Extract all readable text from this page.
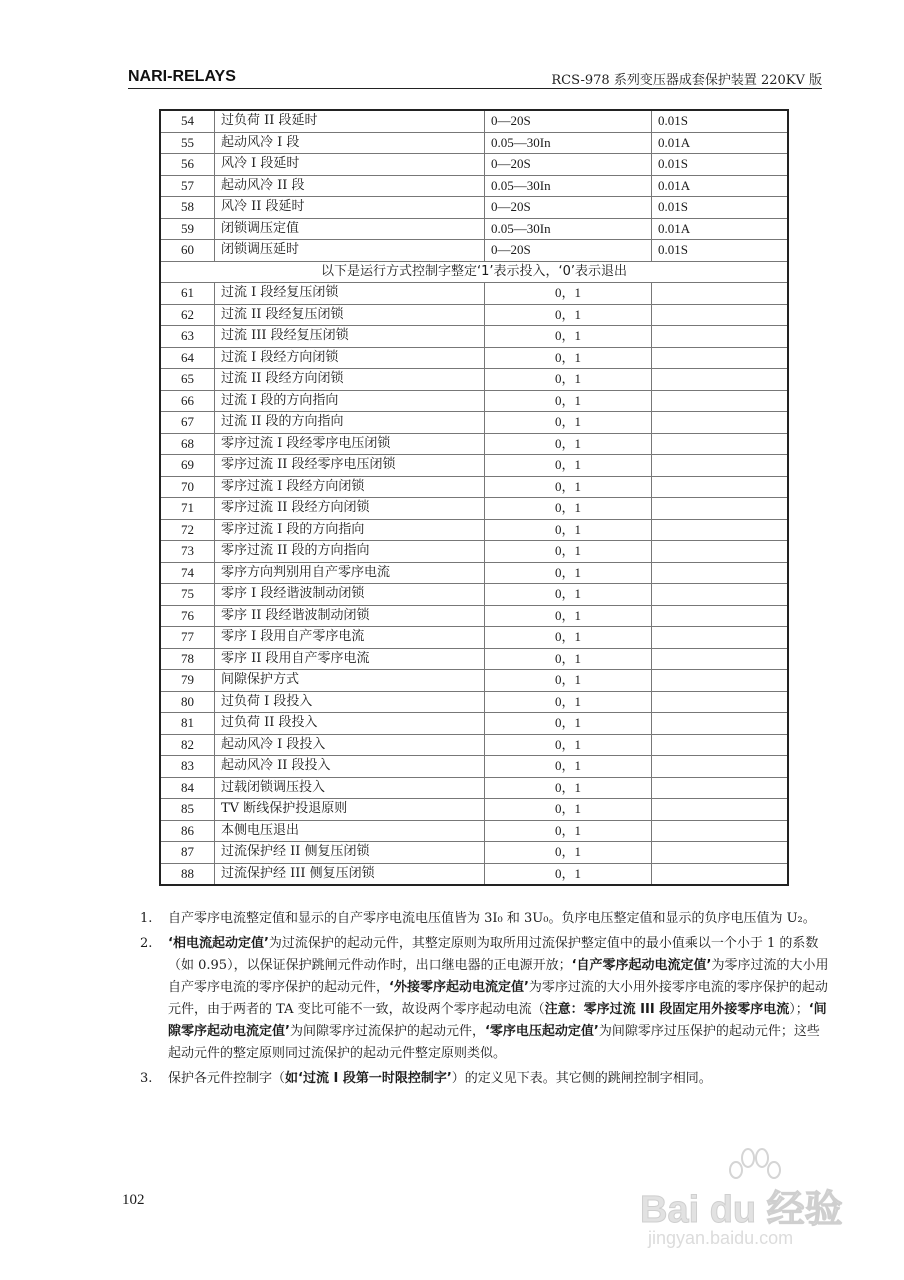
NARI-RELAYS	RCS-978 系列变压器成套保护装置 220KV 版
54	过负荷 II 段延时	0—20S	0.01S
55	起动风冷 I 段	0.05—30In	0.01A
56	风冷 I 段延时	0—20S	0.01S
57	起动风冷 II 段	0.05—30In	0.01A
58	风冷 II 段延时	0—20S	0.01S
59	闭锁调压定值	0.05—30In	0.01A
60	闭锁调压延时	0—20S	0.01S
以下是运行方式控制字整定‘1’表示投入，‘0’表示退出			
61	过流 I 段经复压闭锁	0，1	
62	过流 II 段经复压闭锁	0，1	
63	过流 III 段经复压闭锁	0，1	
64	过流 I 段经方向闭锁	0，1	
65	过流 II 段经方向闭锁	0，1	
66	过流 I 段的方向指向	0，1	
67	过流 II 段的方向指向	0，1	
68	零序过流 I 段经零序电压闭锁	0，1	
69	零序过流 II 段经零序电压闭锁	0，1	
70	零序过流 I 段经方向闭锁	0，1	
71	零序过流 II 段经方向闭锁	0，1	
72	零序过流 I 段的方向指向	0，1	
73	零序过流 II 段的方向指向	0，1	
74	零序方向判别用自产零序电流	0，1	
75	零序 I 段经谐波制动闭锁	0，1	
76	零序 II 段经谐波制动闭锁	0，1	
77	零序 I 段用自产零序电流	0，1	
78	零序 II 段用自产零序电流	0，1	
79	间隙保护方式	0，1	
80	过负荷 I 段投入	0，1	
81	过负荷 II 段投入	0，1	
82	起动风冷 I 段投入	0，1	
83	起动风冷 II 段投入	0，1	
84	过载闭锁调压投入	0，1	
85	TV 断线保护投退原则	0，1	
86	本侧电压退出	0，1	
87	过流保护经 II 侧复压闭锁	0，1	
88	过流保护经 III 侧复压闭锁	0，1	
1. 自产零序电流整定值和显示的自产零序电流电压值皆为 3I₀ 和 3U₀。负序电压整定值和显示的负序电压值为 U₂。
2. ‘相电流起动定值’为过流保护的起动元件，其整定原则为取所用过流保护整定值中的最小值乘以一个小于 1 的系数（如 0.95），以保证保护跳闸元件动作时，出口继电器的正电源开放；‘自产零序起动电流定值’为零序过流的大小用自产零序电流的零序保护的起动元件，‘外接零序起动电流定值’为零序过流的大小用外接零序电流的零序保护的起动元件，由于两者的 TA 变比可能不一致，故设两个零序起动电流（注意：零序过流 III 段固定用外接零序电流）；‘间隙零序起动电流定值’为间隙零序过流保护的起动元件，‘零序电压起动定值’为间隙零序过压保护的起动元件；这些起动元件的整定原则同过流保护的起动元件整定原则类似。
3. 保护各元件控制字（如‘过流 I 段第一时限控制字’）的定义见下表。其它侧的跳闸控制字相同。
102	Bai du 经验
jingyan.baidu.com
